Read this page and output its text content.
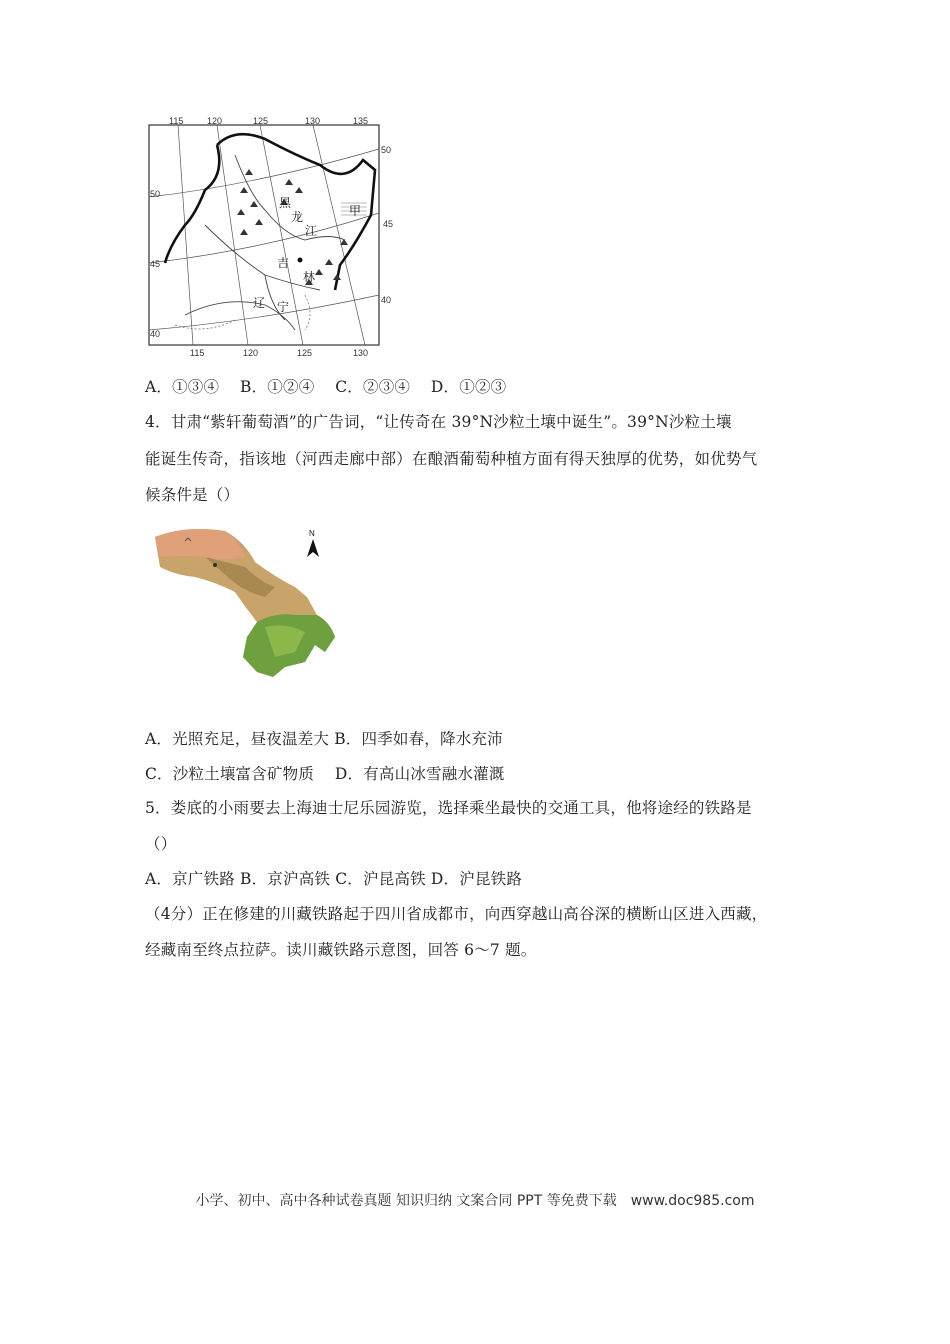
115	120	125	130	135
115	120	125	130
50
45
40
50
45
40
黑
龙
江
甲
吉
林
辽 宁
A．①③④　 B．①②④　 C．②③④　 D．①②③
4．甘肃“紫轩葡萄酒”的广告词，“让传奇在 39°N沙粒土壤中诞生”。39°N沙粒土壤
能诞生传奇，指该地（河西走廊中部）在酿酒葡萄种植方面有得天独厚的优势，如优势气
候条件是（）
N
A．光照充足，昼夜温差大 B．四季如春，降水充沛
C．沙粒土壤富含矿物质　 D．有高山冰雪融水灌溉
5．娄底的小雨要去上海迪士尼乐园游览，选择乘坐最快的交通工具，他将途经的铁路是
（）
A．京广铁路 B．京沪高铁 C．沪昆高铁 D．沪昆铁路
（4分）正在修建的川藏铁路起于四川省成都市，向西穿越山高谷深的横断山区进入西藏，
经藏南至终点拉萨。读川藏铁路示意图，回答 6～7 题。
小学、初中、高中各种试卷真题 知识归纳 文案合同 PPT 等免费下载　www.doc985.com
